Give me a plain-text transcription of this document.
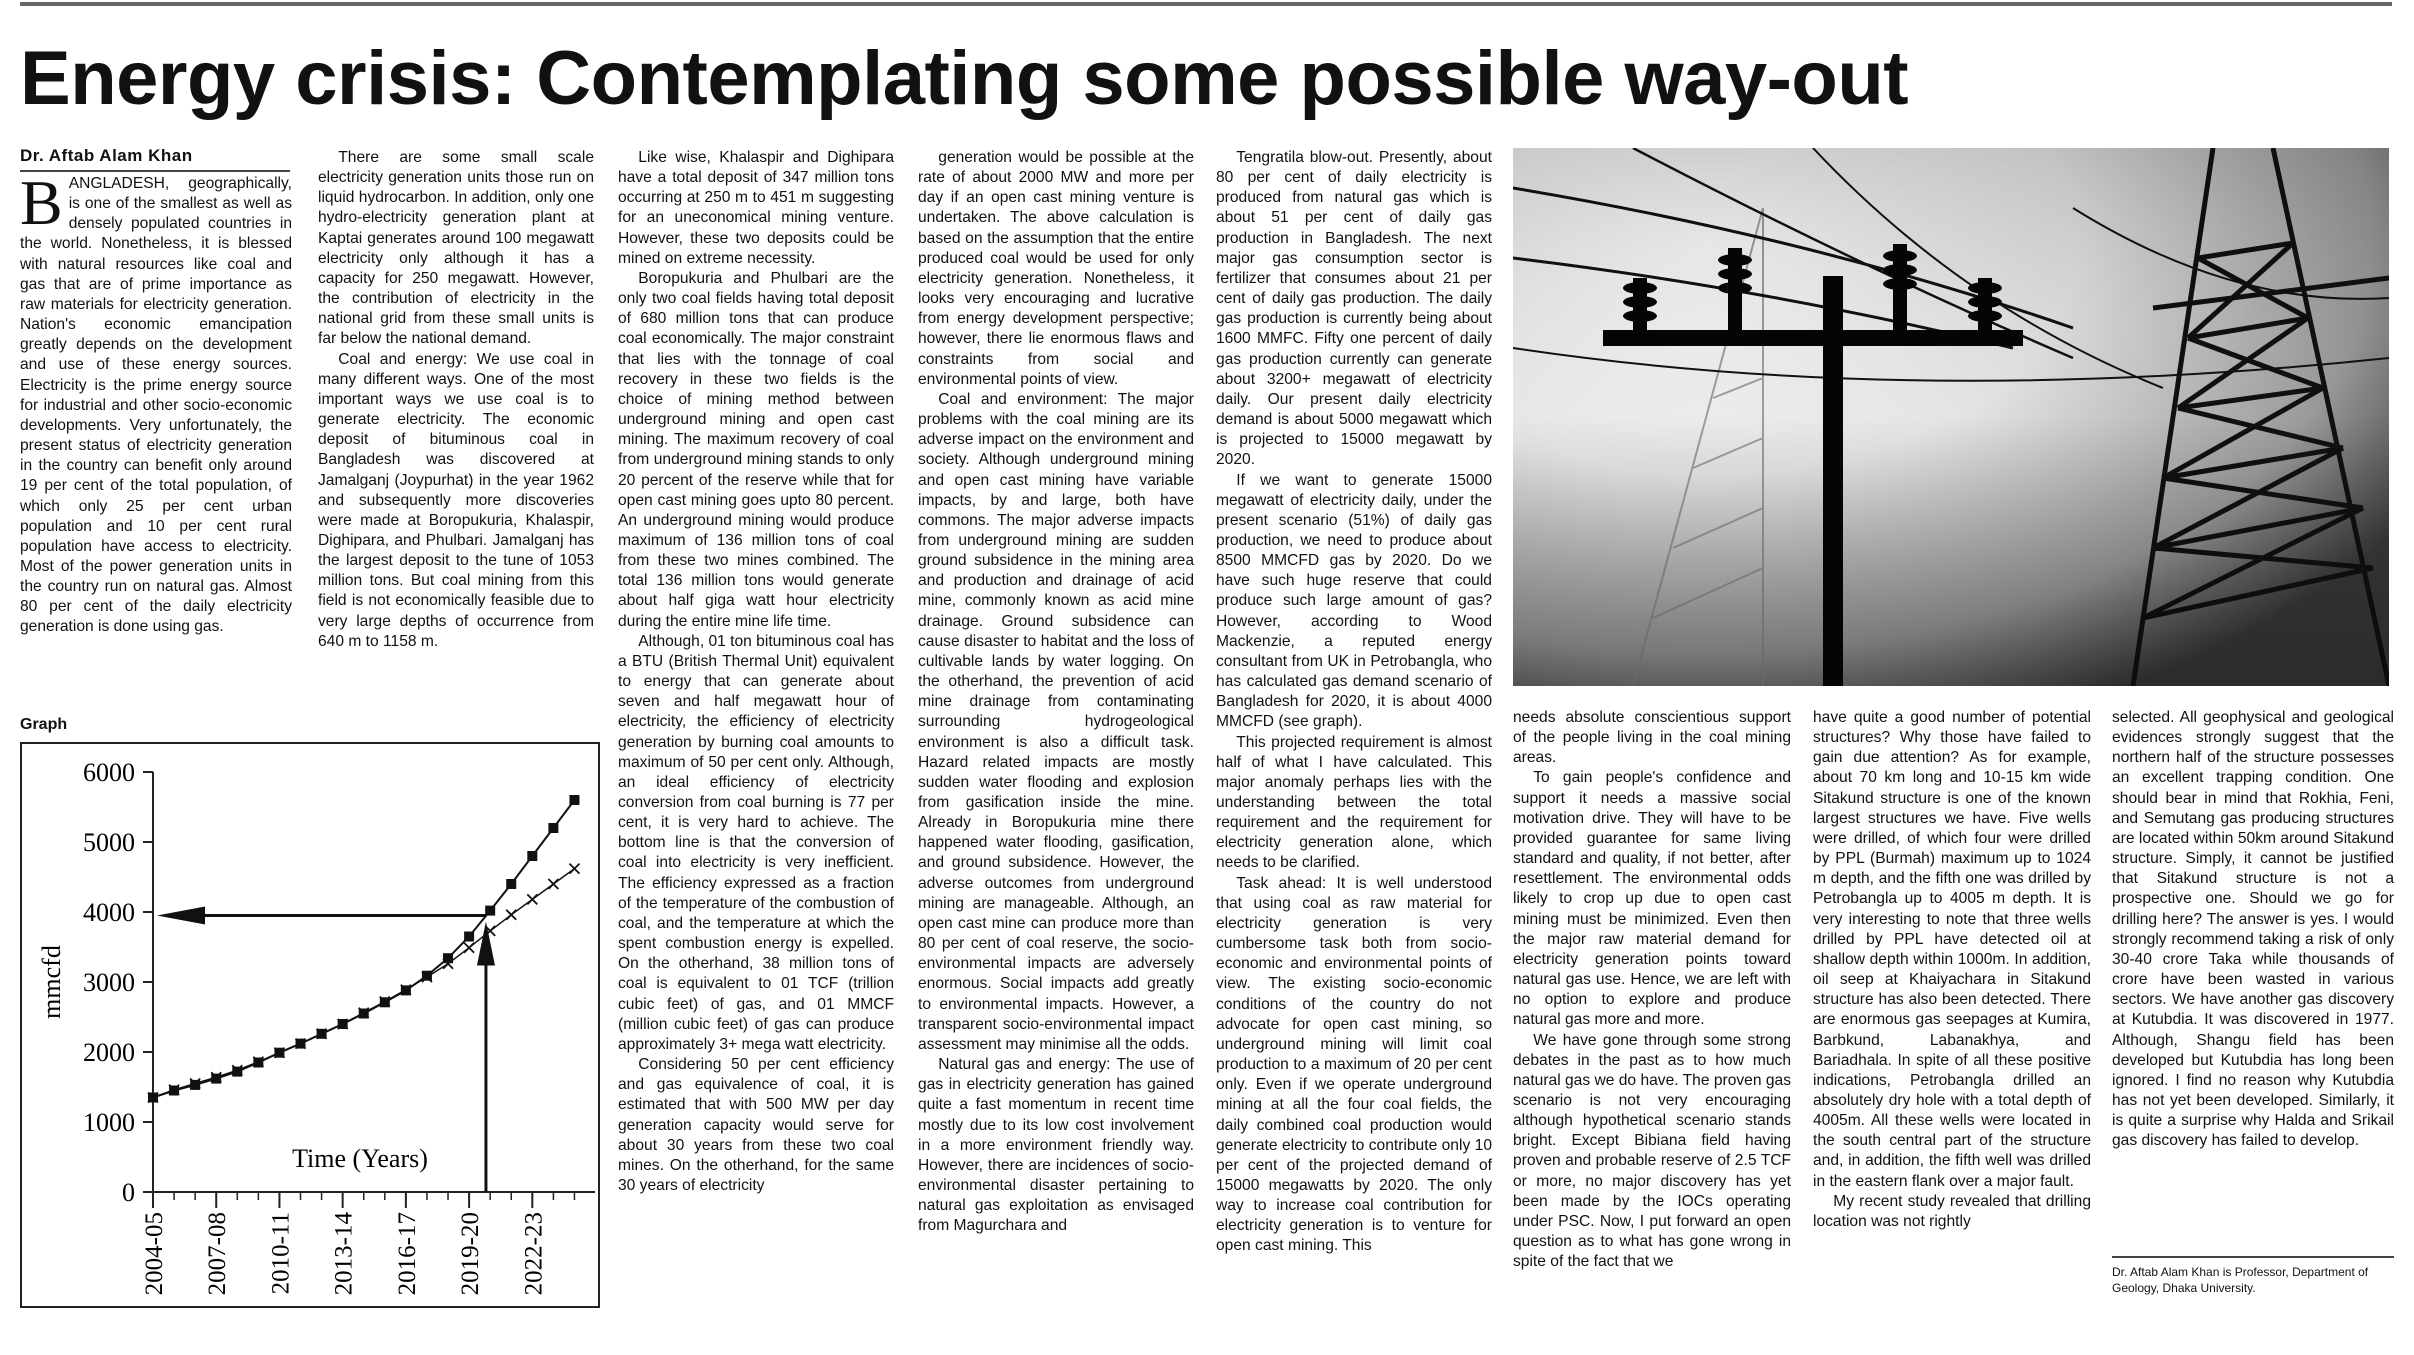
Energy crisis: Contemplating some possible way-out
Dr. Aftab Alam Khan

BANGLADESH, geographically, is one of the smallest as well as densely populated countries in the world. Nonetheless, it is blessed with natural resources like coal and gas that are of prime importance as raw materials for electricity generation. Nation's economic emancipation greatly depends on the development and use of these energy sources. Electricity is the prime energy source for industrial and other socio-economic developments. Very unfortunately, the present status of electricity generation in the country can benefit only around 19 per cent of the total population, of which only 25 per cent urban population and 10 per cent rural population have access to electricity. Most of the power generation units in the country run on natural gas. Almost 80 per cent of the daily electricity generation is done using gas.

Graph
6000
5000
4000
3000
2000
1000
0
2004-05 2007-08 2010-11 2013-14 2016-17 2019-20 2022-23
mmcfd
Time (Years)

There are some small scale electricity generation units those run on liquid hydrocarbon. In addition, only one hydro-electricity generation plant at Kaptai generates around 100 megawatt electricity only although it has a capacity for 250 megawatt. However, the contribution of electricity in the national grid from these small units is far below the national demand.

Coal and energy: We use coal in many different ways. One of the most important ways we use coal is to generate electricity. The economic deposit of bituminous coal in Bangladesh was discovered at Jamalganj (Joypurhat) in the year 1962 and subsequently more discoveries were made at Boropukuria, Khalaspir, Dighipara, and Phulbari. Jamalganj has the largest deposit to the tune of 1053 million tons. But coal mining from this field is not economically feasible due to very large depths of occurrence from 640 m to 1158 m.

Like wise, Khalaspir and Dighipara have a total deposit of 347 million tons occurring at 250 m to 451 m suggesting for an uneconomical mining venture. However, these two deposits could be mined on extreme necessity.

Boropukuria and Phulbari are the only two coal fields having total deposit of 680 million tons that can produce coal economically. The major constraint that lies with the tonnage of coal recovery in these two fields is the choice of mining method between underground mining and open cast mining. The maximum recovery of coal from underground mining stands to only 20 percent of the reserve while that for open cast mining goes upto 80 percent. An underground mining would produce maximum of 136 million tons of coal from these two mines combined. The total 136 million tons would generate about half giga watt hour electricity during the entire mine life time.

Although, 01 ton bituminous coal has a BTU (British Thermal Unit) equivalent to energy that can generate about seven and half megawatt hour of electricity, the efficiency of electricity generation by burning coal amounts to maximum of 50 per cent only. Although, an ideal efficiency of electricity conversion from coal burning is 77 per cent, it is very hard to achieve. The bottom line is that the conversion of coal into electricity is very inefficient. The efficiency expressed as a fraction of the temperature of the combustion of coal, and the temperature at which the spent combustion energy is expelled. On the otherhand, 38 million tons of coal is equivalent to 01 TCF (trillion cubic feet) of gas, and 01 MMCF (million cubic feet) of gas can produce approximately 3+ mega watt electricity.

Considering 50 per cent efficiency and gas equivalence of coal, it is estimated that with 500 MW per day generation capacity would serve for about 30 years from these two coal mines. On the otherhand, for the same 30 years of electricity

generation would be possible at the rate of about 2000 MW and more per day if an open cast mining venture is undertaken. The above calculation is based on the assumption that the entire produced coal would be used for only electricity generation. Nonetheless, it looks very encouraging and lucrative from energy development perspective; however, there lie enormous flaws and constraints from social and environmental points of view.

Coal and environment: The major problems with the coal mining are its adverse impact on the environment and society. Although underground mining and open cast mining have variable impacts, by and large, both have commons. The major adverse impacts from underground mining are sudden ground subsidence in the mining area and production and drainage of acid mine, commonly known as acid mine drainage. Ground subsidence can cause disaster to habitat and the loss of cultivable lands by water logging. On the otherhand, the prevention of acid mine drainage from contaminating surrounding hydrogeological environment is also a difficult task. Hazard related impacts are mostly sudden water flooding and explosion from gasification inside the mine. Already in Boropukuria mine there happened water flooding, gasification, and ground subsidence. However, the adverse outcomes from underground mining are manageable. Although, an open cast mine can produce more than 80 per cent of coal reserve, the socio-environmental impacts are adversely enormous. Social impacts add greatly to environmental impacts. However, a transparent socio-environmental impact assessment may minimise all the odds.

Natural gas and energy: The use of gas in electricity generation has gained quite a fast momentum in recent time mostly due to its low cost involvement in a more environment friendly way. However, there are incidences of socio-environmental disaster pertaining to natural gas exploitation as envisaged from Magurchara and

Tengratila blow-out. Presently, about 80 per cent of daily electricity is produced from natural gas which is about 51 per cent of daily gas production in Bangladesh. The next major gas consumption sector is fertilizer that consumes about 21 per cent of daily gas production. The daily gas production is currently being about 1600 MMFC. Fifty one percent of daily gas production currently can generate about 3200+ megawatt of electricity daily. Our present daily electricity demand is about 5000 megawatt which is projected to 15000 megawatt by 2020.

If we want to generate 15000 megawatt of electricity daily, under the present scenario (51%) of daily gas production, we need to produce about 8500 MMCFD gas by 2020. Do we have such huge reserve that could produce such large amount of gas? However, according to Wood Mackenzie, a reputed energy consultant from UK in Petrobangla, who has calculated gas demand scenario of Bangladesh for 2020, it is about 4000 MMCFD (see graph).

This projected requirement is almost half of what I have calculated. This major anomaly perhaps lies with the understanding between the total requirement and the requirement for electricity generation alone, which needs to be clarified.

Task ahead: It is well understood that using coal as raw material for electricity generation is very cumbersome task both from socio-economic and environmental points of view. The existing socio-economic conditions of the country do not advocate for open cast mining, so underground mining will limit coal production to a maximum of 20 per cent only. Even if we operate underground mining at all the four coal fields, the daily combined coal production would generate electricity to contribute only 10 per cent of the projected demand of 15000 megawatts by 2020. The only way to increase coal contribution for electricity generation is to venture for open cast mining. This

needs absolute conscientious support of the people living in the coal mining areas.

To gain people's confidence and support it needs a massive social motivation drive. They will have to be provided guarantee for same living standard and quality, if not better, after resettlement. The environmental odds likely to crop up due to open cast mining must be minimized. Even then the major raw material demand for electricity generation points toward natural gas use. Hence, we are left with no option to explore and produce natural gas more and more.

We have gone through some strong debates in the past as to how much natural gas we do have. The proven gas scenario is not very encouraging although hypothetical scenario stands bright. Except Bibiana field having proven and probable reserve of 2.5 TCF or more, no major discovery has yet been made by the IOCs operating under PSC. Now, I put forward an open question as to what has gone wrong in spite of the fact that we

have quite a good number of potential structures? Why those have failed to gain due attention? As for example, about 70 km long and 10-15 km wide Sitakund structure is one of the known largest structures we have. Five wells were drilled, of which four were drilled by PPL (Burmah) maximum up to 1024 m depth, and the fifth one was drilled by Petrobangla up to 4005 m depth. It is very interesting to note that three wells drilled by PPL have detected oil at shallow depth within 1000m. In addition, oil seep at Khaiyachara in Sitakund structure has also been detected. There are enormous gas seepages at Kumira, Barbkund, Labanakhya, and Bariadhala. In spite of all these positive indications, Petrobangla drilled an absolutely dry hole with a total depth of 4005m. All these wells were located in the south central part of the structure and, in addition, the fifth well was drilled in the eastern flank over a major fault.

My recent study revealed that drilling location was not rightly

selected. All geophysical and geological evidences strongly suggest that the northern half of the structure possesses an excellent trapping condition. One should bear in mind that Rokhia, Feni, and Semutang gas producing structures are located within 50km around Sitakund structure. Simply, it cannot be justified that Sitakund structure is not a prospective one. Should we go for drilling here? The answer is yes. I would strongly recommend taking a risk of only 30-40 crore Taka while thousands of crore have been wasted in various sectors. We have another gas discovery at Kutubdia. It was discovered in 1977. Although, Shangu field has been developed but Kutubdia has long been ignored. I find no reason why Kutubdia has not yet been developed. Similarly, it is quite a surprise why Halda and Srikail gas discovery has failed to develop.

Dr. Aftab Alam Khan is Professor, Department of Geology, Dhaka University.
